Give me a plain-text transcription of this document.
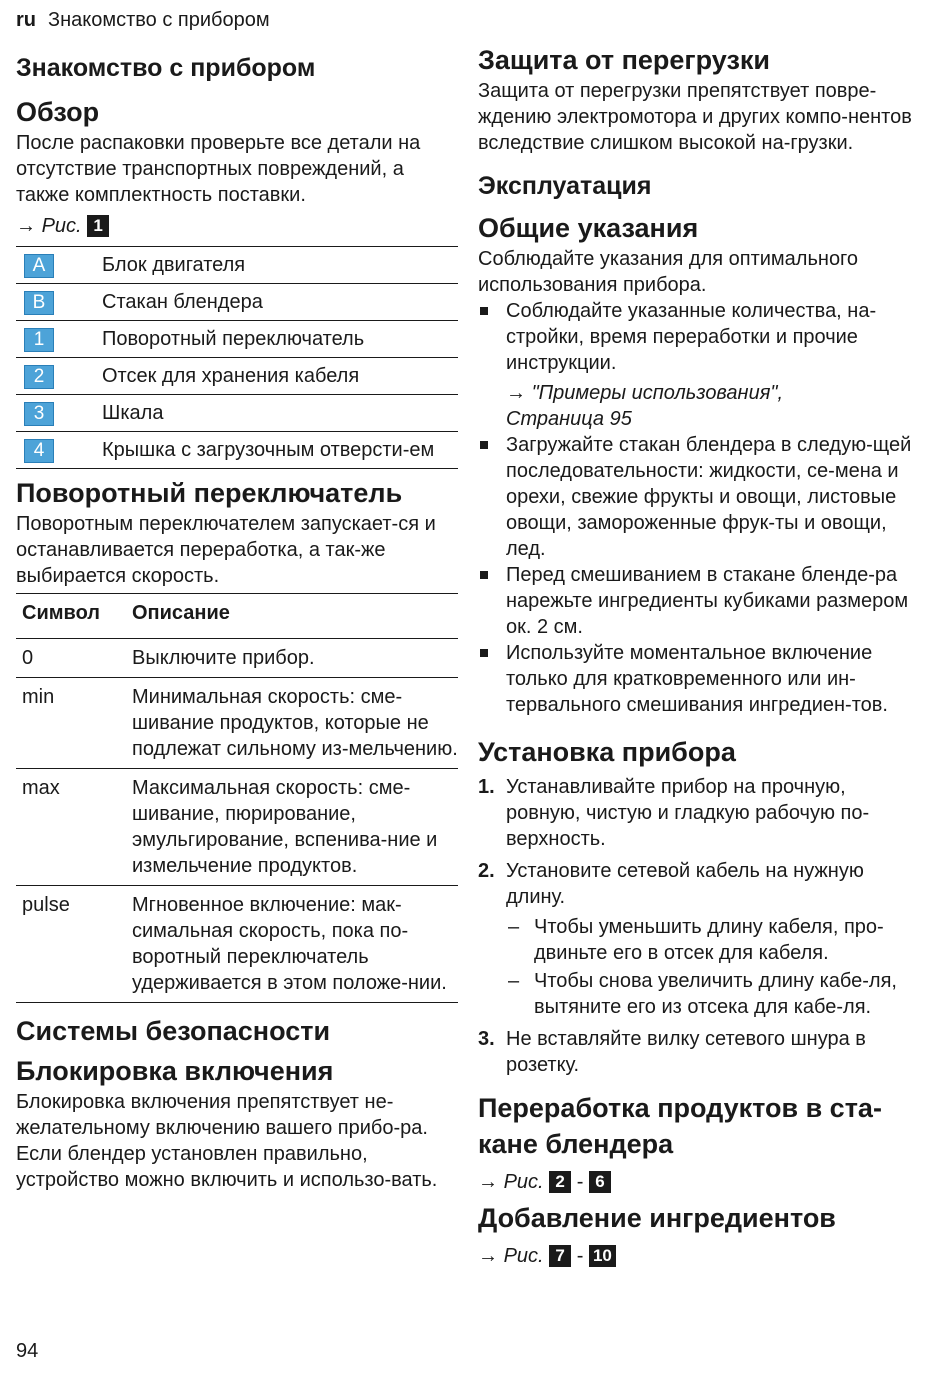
ru Знакомство с прибором
Знакомство с прибором
Обзор

После распаковки проверьте все детали на отсутствие транспортных повреждений, а также комплектность поставки.

→ Рис. 1
A	Блок двигателя
B	Стакан блендера
1	Поворотный переключатель
2	Отсек для хранения кабеля
3	Шкала
4	Крышка с загрузочным отверсти-ем
Поворотный переключатель

Поворотным переключателем запускает-ся и останавливается переработка, а так-же выбирается скорость.

Символ	Описание
0	Выключите прибор.
min	Минимальная скорость: сме-шивание продуктов, которые не подлежат сильному из-мельчению.
max	Максимальная скорость: сме-шивание, пюрирование, эмульгирование, вспенива-ние и измельчение продуктов.
pulse	Мгновенное включение: мак-симальная скорость, пока по-воротный переключатель удерживается в этом положе-нии.
Системы безопасности
Блокировка включения

Блокировка включения препятствует не-желательному включению вашего прибо-ра.

Если блендер установлен правильно, устройство можно включить и использо-вать.

Защита от перегрузки

Защита от перегрузки препятствует повре-ждению электромотора и других компо-нентов вследствие слишком высокой на-грузки.

Эксплуатация
Общие указания

Соблюдайте указания для оптимального использования прибора.

Соблюдайте указанные количества, на-стройки, время переработки и прочие инструкции.
→ "Примеры использования",
Страница 95
Загружайте стакан блендера в следую-щей последовательности: жидкости, се-мена и орехи, свежие фрукты и овощи, листовые овощи, замороженные фрук-ты и овощи, лед.
Перед смешиванием в стакане бленде-ра нарежьте ингредиенты кубиками размером ок. 2 см.
Используйте моментальное включение только для кратковременного или ин-тервального смешивания ингредиен-тов.
Установка прибора
1. Устанавливайте прибор на прочную, ровную, чистую и гладкую рабочую по-верхность.
2. Установите сетевой кабель на нужную длину.
– Чтобы уменьшить длину кабеля, про-двиньте его в отсек для кабеля.
– Чтобы снова увеличить длину кабе-ля, вытяните его из отсека для кабе-ля.
3. Не вставляйте вилку сетевого шнура в розетку.
Переработка продуктов в ста-кане блендера
→ Рис. 2 - 6
Добавление ингредиентов
→ Рис. 7 - 10
94
